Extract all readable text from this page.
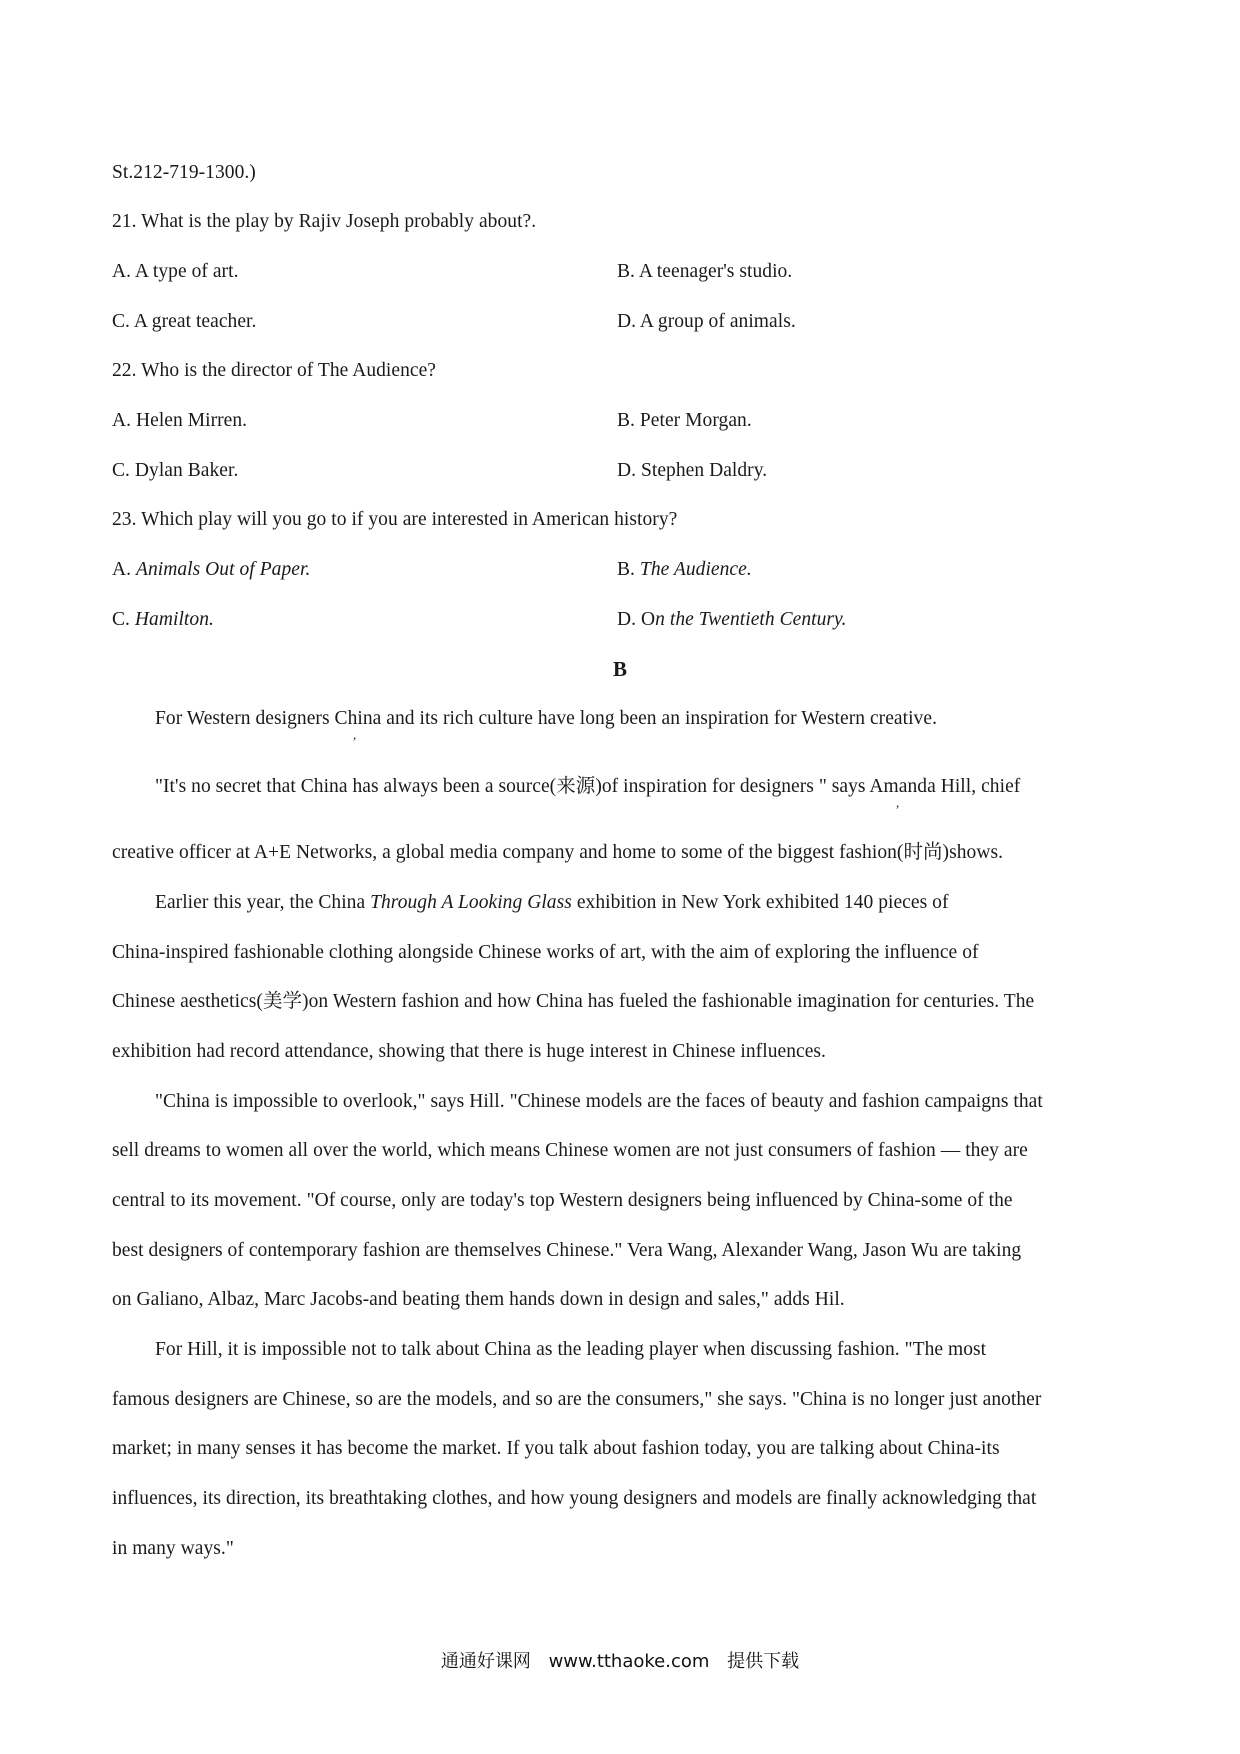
St.212-719-1300.)
21. What is the play by Rajiv Joseph probably about?.
A. A type of art.	B. A teenager's studio.
C. A great teacher.	D. A group of animals.
22. Who is the director of The Audience?
A. Helen Mirren.	B. Peter Morgan.
C. Dylan Baker.	D. Stephen Daldry.
23. Which play will you go to if you are interested in American history?
A. Animals Out of Paper.	B. The Audience.
C. Hamilton.	D. On the Twentieth Century.
B
For Western designers China and its rich culture have long been an inspiration for Western creative.
,
"It's no secret that China has always been a source(来源)of inspiration for designers " says Amanda Hill, chief
,
creative officer at A+E Networks, a global media company and home to some of the biggest fashion(时尚)shows.
Earlier this year, the China Through A Looking Glass exhibition in New York exhibited 140 pieces of
China-inspired fashionable clothing alongside Chinese works of art, with the aim of exploring the influence of
Chinese aesthetics(美学)on Western fashion and how China has fueled the fashionable imagination for centuries. The
exhibition had record attendance, showing that there is huge interest in Chinese influences.
"China is impossible to overlook," says Hill. "Chinese models are the faces of beauty and fashion campaigns that
sell dreams to women all over the world, which means Chinese women are not just consumers of fashion — they are
central to its movement. "Of course, only are today's top Western designers being influenced by China-some of the
best designers of contemporary fashion are themselves Chinese." Vera Wang, Alexander Wang, Jason Wu are taking
on Galiano, Albaz, Marc Jacobs-and beating them hands down in design and sales," adds Hil.
For Hill, it is impossible not to talk about China as the leading player when discussing fashion. "The most
famous designers are Chinese, so are the models, and so are the consumers," she says. "China is no longer just another
market; in many senses it has become the market. If you talk about fashion today, you are talking about China-its
influences, its direction, its breathtaking clothes, and how young designers and models are finally acknowledging that
in many ways."
通通好课网 www.tthaoke.com 提供下载
